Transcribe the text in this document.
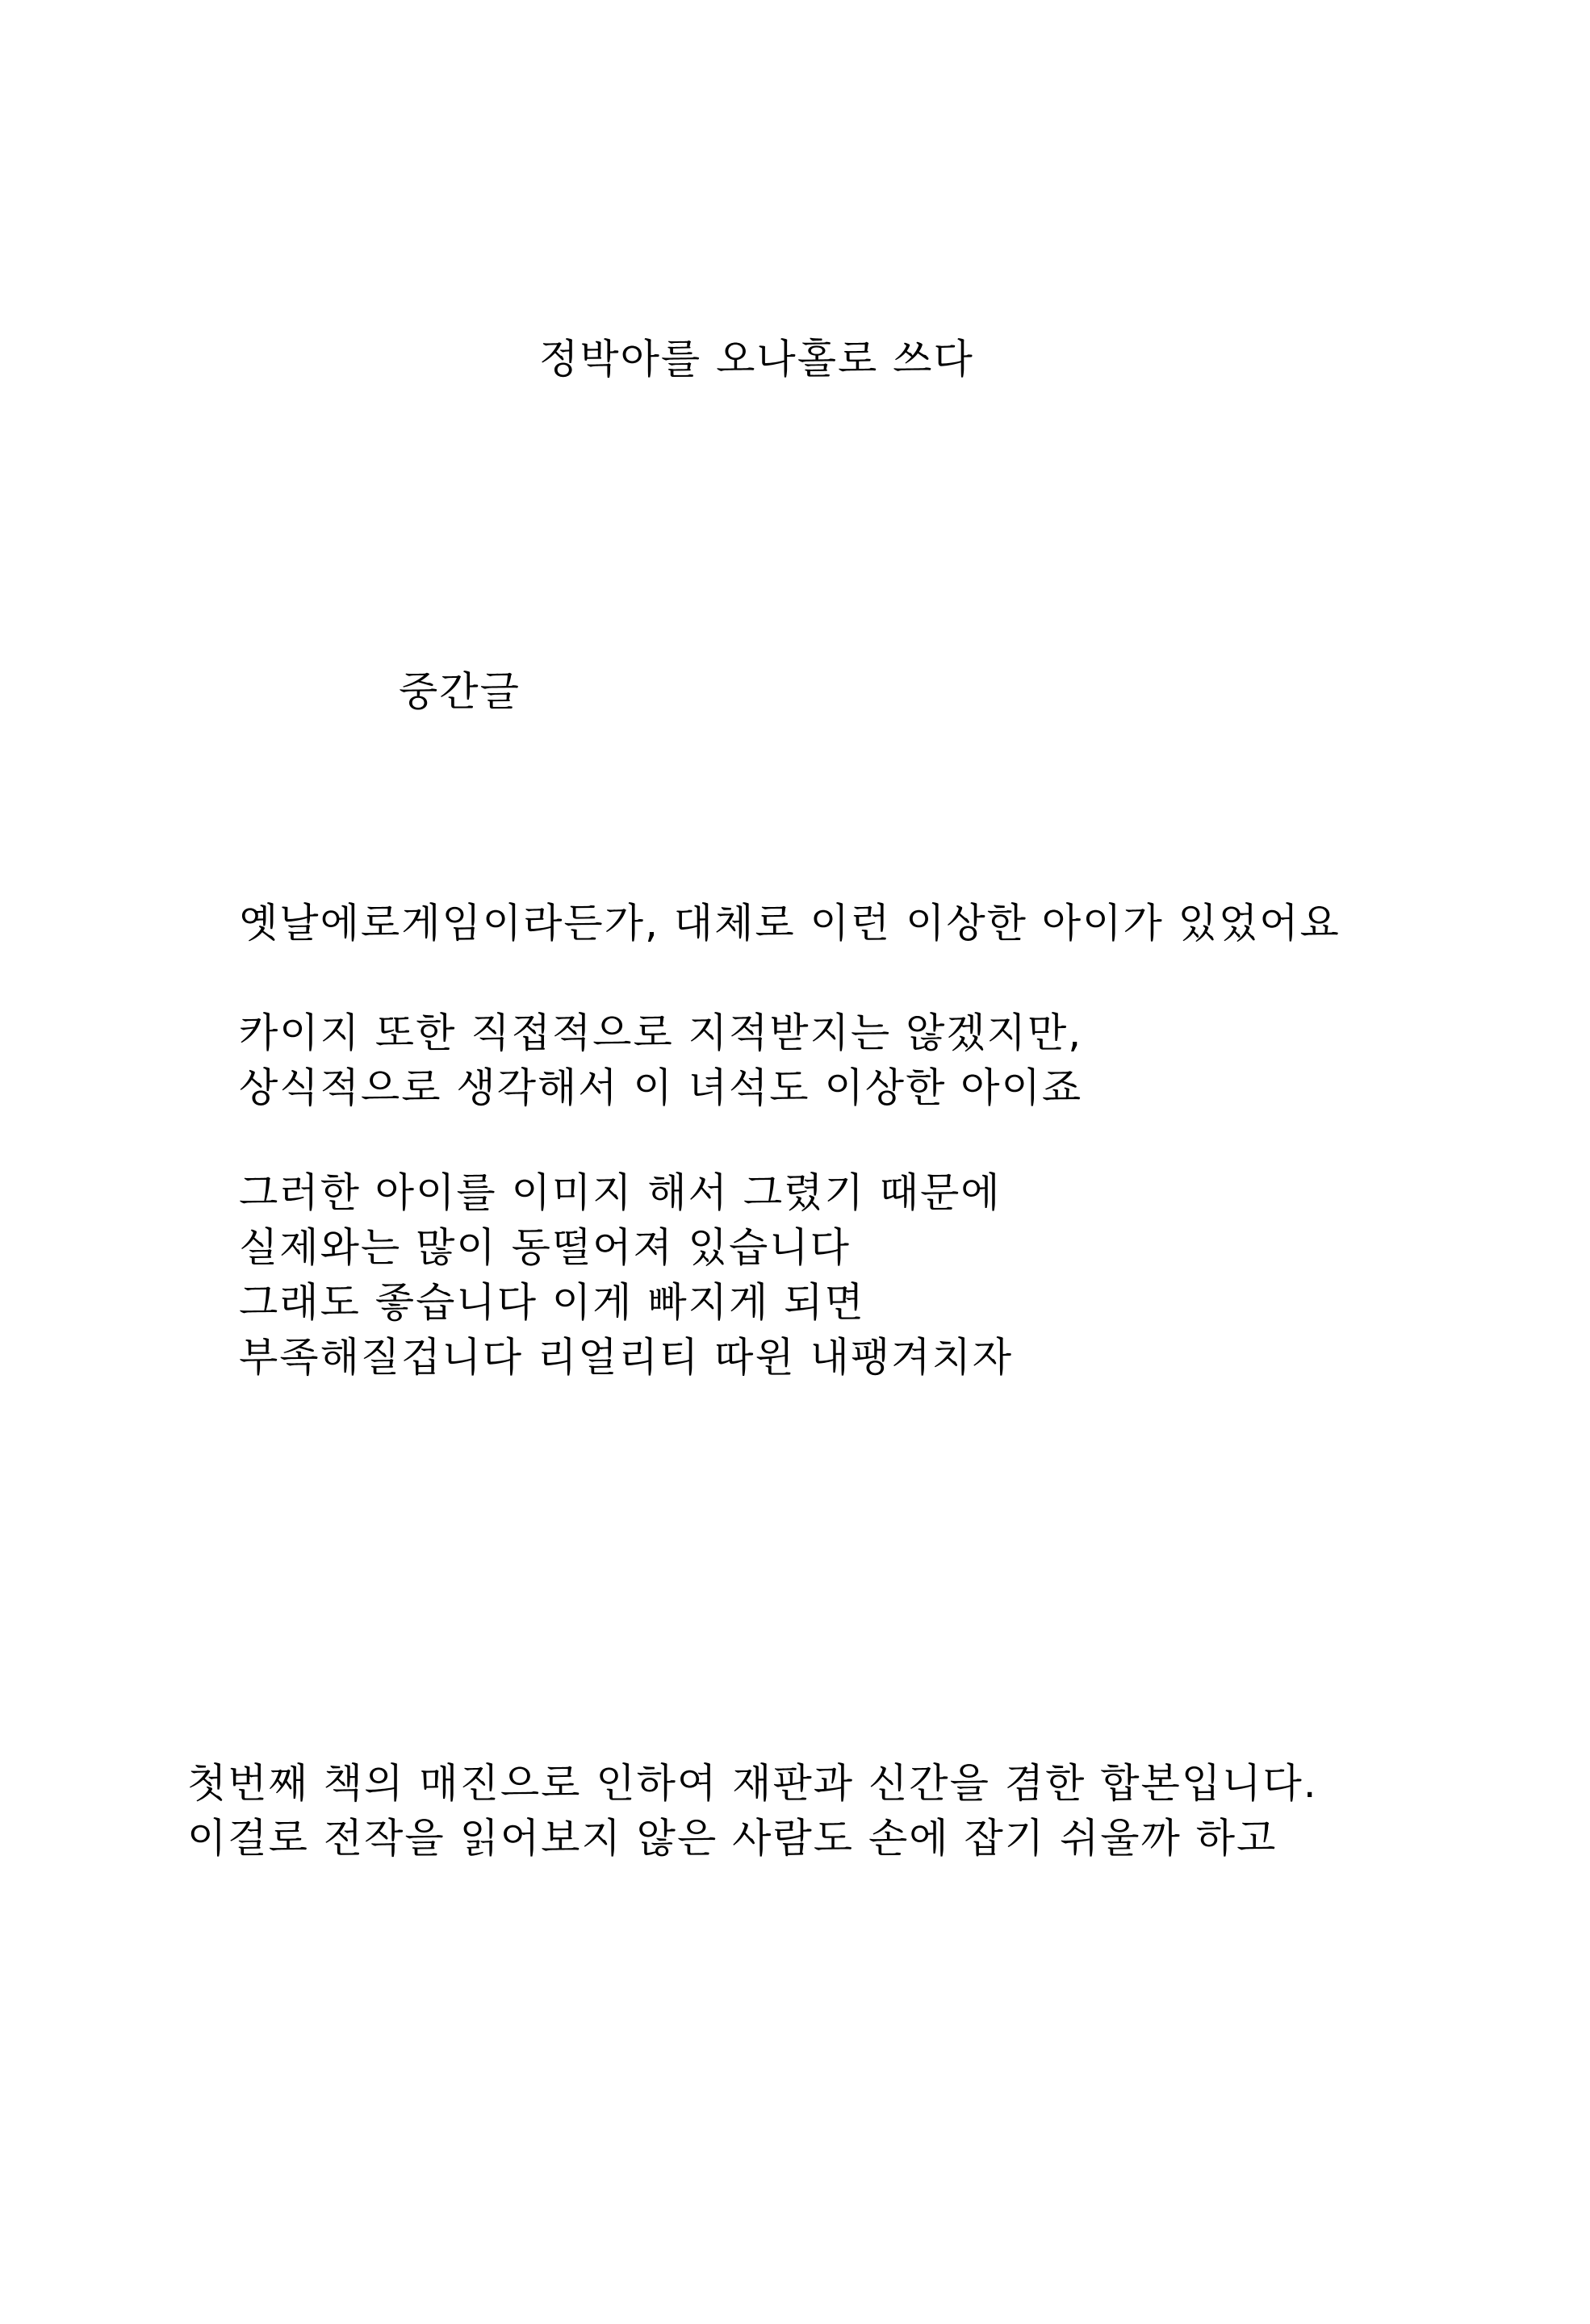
정박아를 오나홀로 쓰다
중간글
옛날에로게임이라든가, 대체로 이런 이상한 아이가 있었어요
카이지 또한 직접적으로 지적받지는 않겠지만,
상식적으로 생각해서 이 녀석도 이상한 아이죠
그러한 아이를 이미지 해서 그렸기 때문에
실제와는 많이 동떨어져 있습니다
그래도 좋습니다 이게 빠지게 되면
부족해질겁니다 리얼리티 따윈 내팽겨치자
첫번째 책의 매진으로 인하여 재판과 신간을 겸한 합본입니다.
이걸로 전작을 읽어보지 않은 사람도 손에 잡기 쉬울까 하고
